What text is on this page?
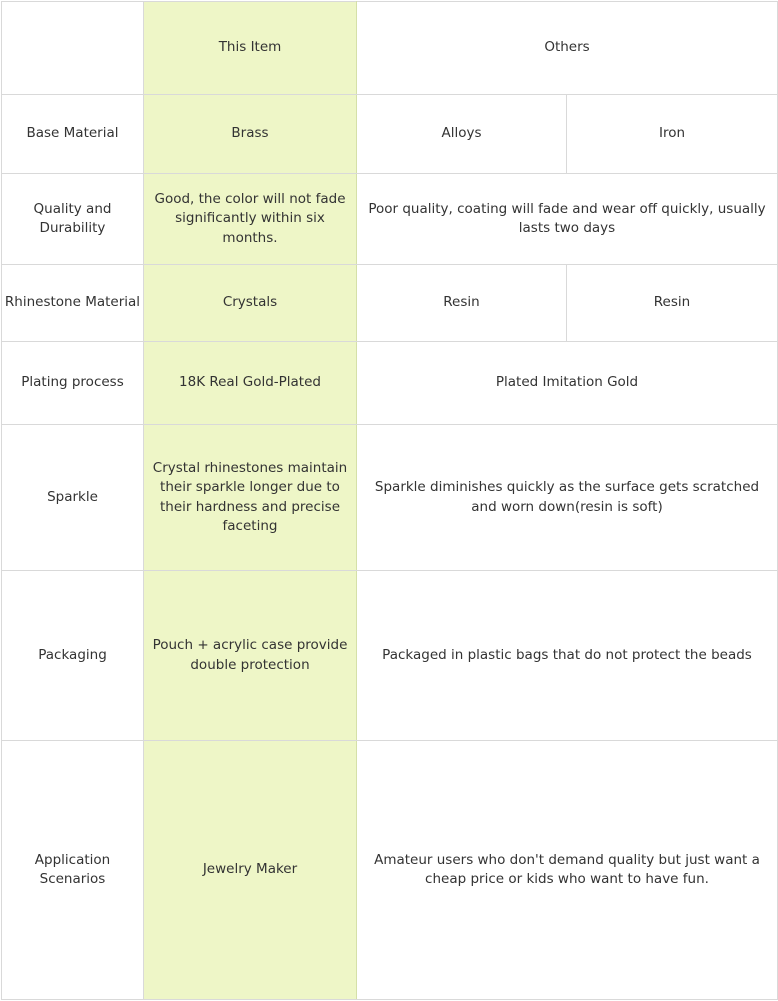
	This Item	Others	
Base Material	Brass	Alloys	Iron
Quality and Durability	Good, the color will not fade significantly within six months.	Poor quality, coating will fade and wear off quickly, usually lasts two days	
Rhinestone Material	Crystals	Resin	Resin
Plating process	18K Real Gold-Plated	Plated Imitation Gold	
Sparkle	Crystal rhinestones maintain their sparkle longer due to their hardness and precise faceting	Sparkle diminishes quickly as the surface gets scratched and worn down(resin is soft)	
Packaging	Pouch + acrylic case provide double protection	Packaged in plastic bags that do not protect the beads	
Application Scenarios	Jewelry Maker	Amateur users who don't demand quality but just want a cheap price or kids who want to have fun.	
